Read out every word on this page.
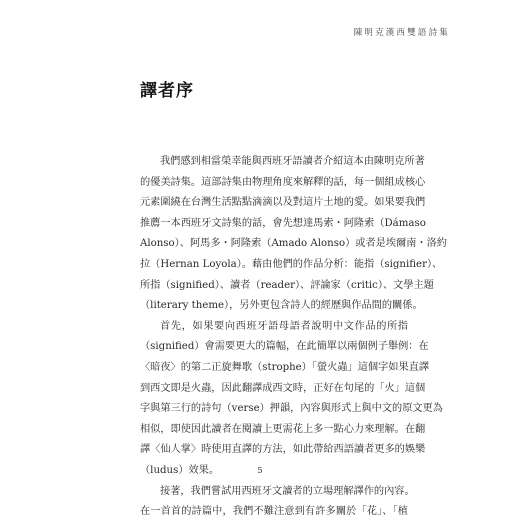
陳明克漢西雙語詩集
譯者序
我們感到相當榮幸能與西班牙語讀者介紹這本由陳明克所著
的優美詩集。這部詩集由物理角度來解釋的話，每一個組成核心
元素圍繞在台灣生活點點滴滴以及對這片土地的愛。如果要我們
推薦一本西班牙文詩集的話，會先想達馬索・阿隆索（Dámaso
Alonso）、阿馬多・阿隆索（Amado Alonso）或者是埃爾南・洛約
拉（Hernan Loyola）。藉由他們的作品分析：能指（signifier）、
所指（signified）、讀者（reader）、評論家（critic）、文學主題
（literary theme），另外更包含詩人的經歷與作品間的關係。
首先，如果要向西班牙語母語者說明中文作品的所指
（signified）會需要更大的篇幅，在此簡單以兩個例子舉例：在
〈暗夜〉的第二正旋舞歌（strophe）「螢火蟲」這個字如果直譯
到西文即是火蟲，因此翻譯成西文時，正好在句尾的「火」這個
字與第三行的詩句（verse）押韻，內容與形式上與中文的原文更為
相似，即使因此讀者在閱讀上更需花上多一點心力來理解。在翻
譯〈仙人掌〉時使用直譯的方法，如此帶給西語讀者更多的娛樂
（ludus）效果。
接著，我們嘗試用西班牙文讀者的立場理解譯作的內容。
在一首首的詩篇中，我們不難注意到有許多關於「花」、「植
5
